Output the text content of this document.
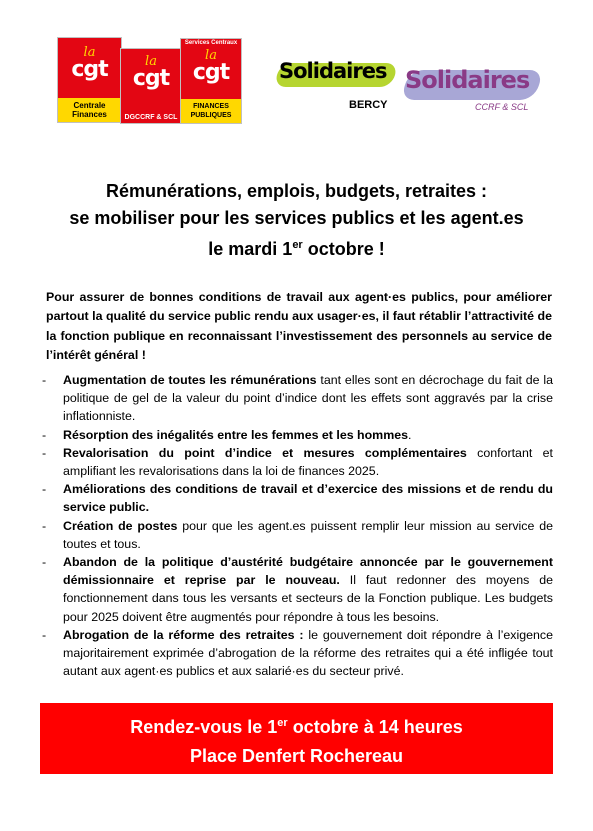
la
cgt
Centrale Finances
la
cgt
DGCCRF & SCL
Services Centraux
la
cgt
FINANCES PUBLIQUES
Solidaires
BERCY
Solidaires
CCRF & SCL
Rémunérations, emplois, budgets, retraites :
se mobiliser pour les services publics et les agent.es
le mardi 1er octobre !
Pour assurer de bonnes conditions de travail aux agent·es publics, pour améliorer partout la qualité du service public rendu aux usager·es, il faut rétablir l’attractivité de la fonction publique en reconnaissant l’investissement des personnels au service de l’intérêt général !
- Augmentation de toutes les rémunérations tant elles sont en décrochage du fait de la politique de gel de la valeur du point d’indice dont les effets sont aggravés par la crise inflationniste.
- Résorption des inégalités entre les femmes et les hommes.
- Revalorisation du point d’indice et mesures complémentaires confortant et amplifiant les revalorisations dans la loi de finances 2025.
- Améliorations des conditions de travail et d’exercice des missions et de rendu du service public.
- Création de postes pour que les agent.es puissent remplir leur mission au service de toutes et tous.
- Abandon de la politique d’austérité budgétaire annoncée par le gouvernement démissionnaire et reprise par le nouveau. Il faut redonner des moyens de fonctionnement dans tous les versants et secteurs de la Fonction publique. Les budgets pour 2025 doivent être augmentés pour répondre à tous les besoins.
- Abrogation de la réforme des retraites : le gouvernement doit répondre à l’exigence majoritairement exprimée d’abrogation de la réforme des retraites qui a été infligée tout autant aux agent·es publics et aux salarié·es du secteur privé.
Rendez-vous le 1er octobre à 14 heures
Place Denfert Rochereau
